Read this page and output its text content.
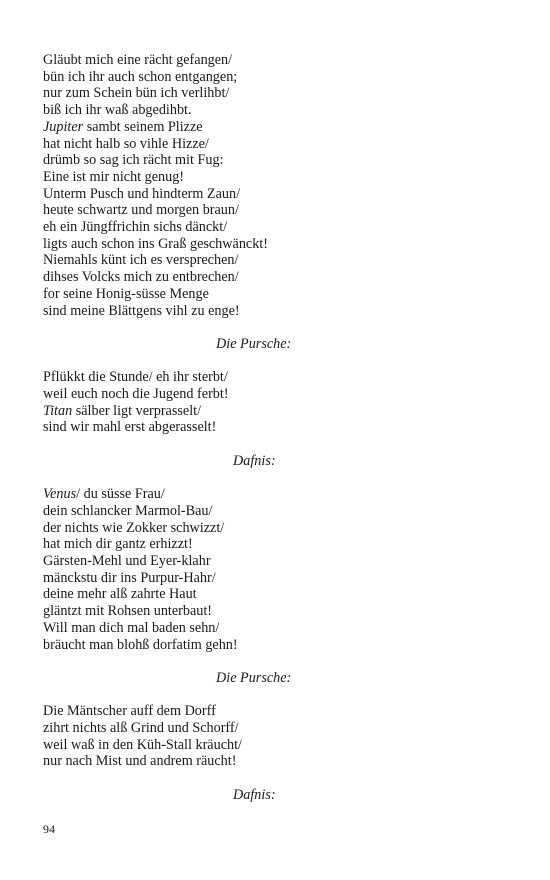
Gläubt mich eine rächt gefangen/
bün ich ihr auch schon entgangen;
nur zum Schein bün ich verlihbt/
biß ich ihr waß abgedihbt.
Jupiter sambt seinem Plizze
hat nicht halb so vihle Hizze/
drümb so sag ich rächt mit Fug:
Eine ist mir nicht genug!
Unterm Pusch und hindterm Zaun/
heute schwartz und morgen braun/
eh ein Jüngffrichin sichs dänckt/
ligts auch schon ins Graß geschwänckt!
Niemahls künt ich es versprechen/
dihses Volcks mich zu entbrechen/
for seine Honig-süsse Menge
sind meine Blättgens vihl zu enge!
Die Pursche:
Pflükkt die Stunde/ eh ihr sterbt/
weil euch noch die Jugend ferbt!
Titan sälber ligt verprasselt/
sind wir mahl erst abgerasselt!
Dafnis:
Venus/ du süsse Frau/
dein schlancker Marmol-Bau/
der nichts wie Zokker schwizzt/
hat mich dir gantz erhizzt!
Gärsten-Mehl und Eyer-klahr
mänckstu dir ins Purpur-Hahr/
deine mehr alß zahrte Haut
gläntzt mit Rohsen unterbaut!
Will man dich mal baden sehn/
bräucht man blohß dorfatim gehn!
Die Pursche:
Die Mäntscher auff dem Dorff
zihrt nichts alß Grind und Schorff/
weil waß in den Küh-Stall kräucht/
nur nach Mist und andrem räucht!
Dafnis:
94
